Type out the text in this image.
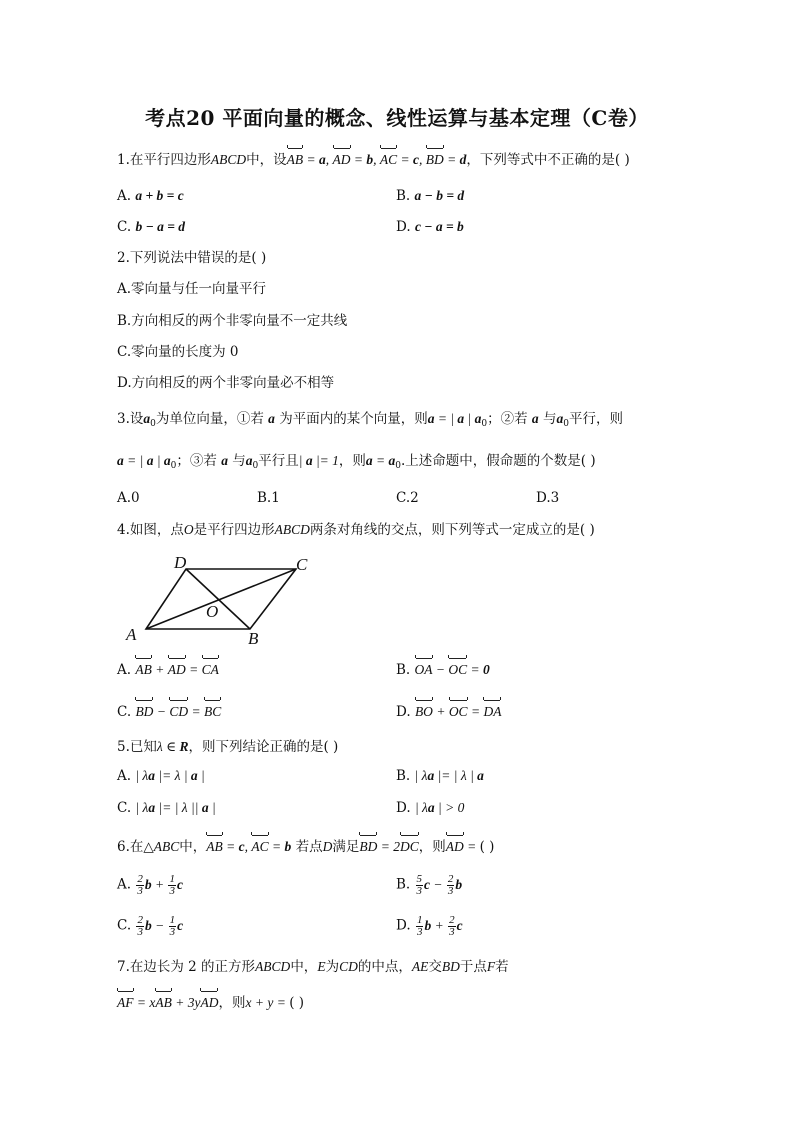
考点20 平面向量的概念、线性运算与基本定理（C卷）
1.在平行四边形ABCD中，设AB = a, AD = b, AC = c, BD = d，下列等式中不正确的是( )
A. a + b = c	B. a − b = d
C. b − a = d	D. c − a = b
2.下列说法中错误的是( )
A.零向量与任一向量平行
B.方向相反的两个非零向量不一定共线
C.零向量的长度为 0
D.方向相反的两个非零向量必不相等
3.设$a_0$为单位向量，①若 a 为平面内的某个向量，则a = | a | $a_0$；②若 a 与$a_0$平行，则
a = | a | $a_0$；③若 a 与$a_0$平行且| a |= 1，则$a = a_0$.上述命题中，假命题的个数是( )
A.0	B.1	C.2	D.3
4.如图，点O是平行四边形ABCD两条对角线的交点，则下列等式一定成立的是( )
A	B
C
D
O
A. AB + AD = CA	B. OA − OC = 0
C. BD − CD = BC	D. BO + OC = DA
5.已知λ ∈ R，则下列结论正确的是( )
A. | λa |= λ | a |	B. | λa |= | λ | a
C. | λa |= | λ || a |	D. | λa | > 0
6.在△ABC中，AB = c, AC = b 若点D满足BD = 2DC，则AD = ( )
A. $\frac{2}{3}$ $b + \frac{1}{3}$ c	B. $\frac{5}{3}$ $c - \frac{2}{3}$ b
C. $\frac{2}{3}$ $b - \frac{1}{3}$ c	D. $\frac{1}{3}$ $b + \frac{2}{3}$ c
7.在边长为 2 的正方形ABCD中，E为CD的中点，AE交BD于点F若
AF = xAB + 3yAD，则x + y = ( )
